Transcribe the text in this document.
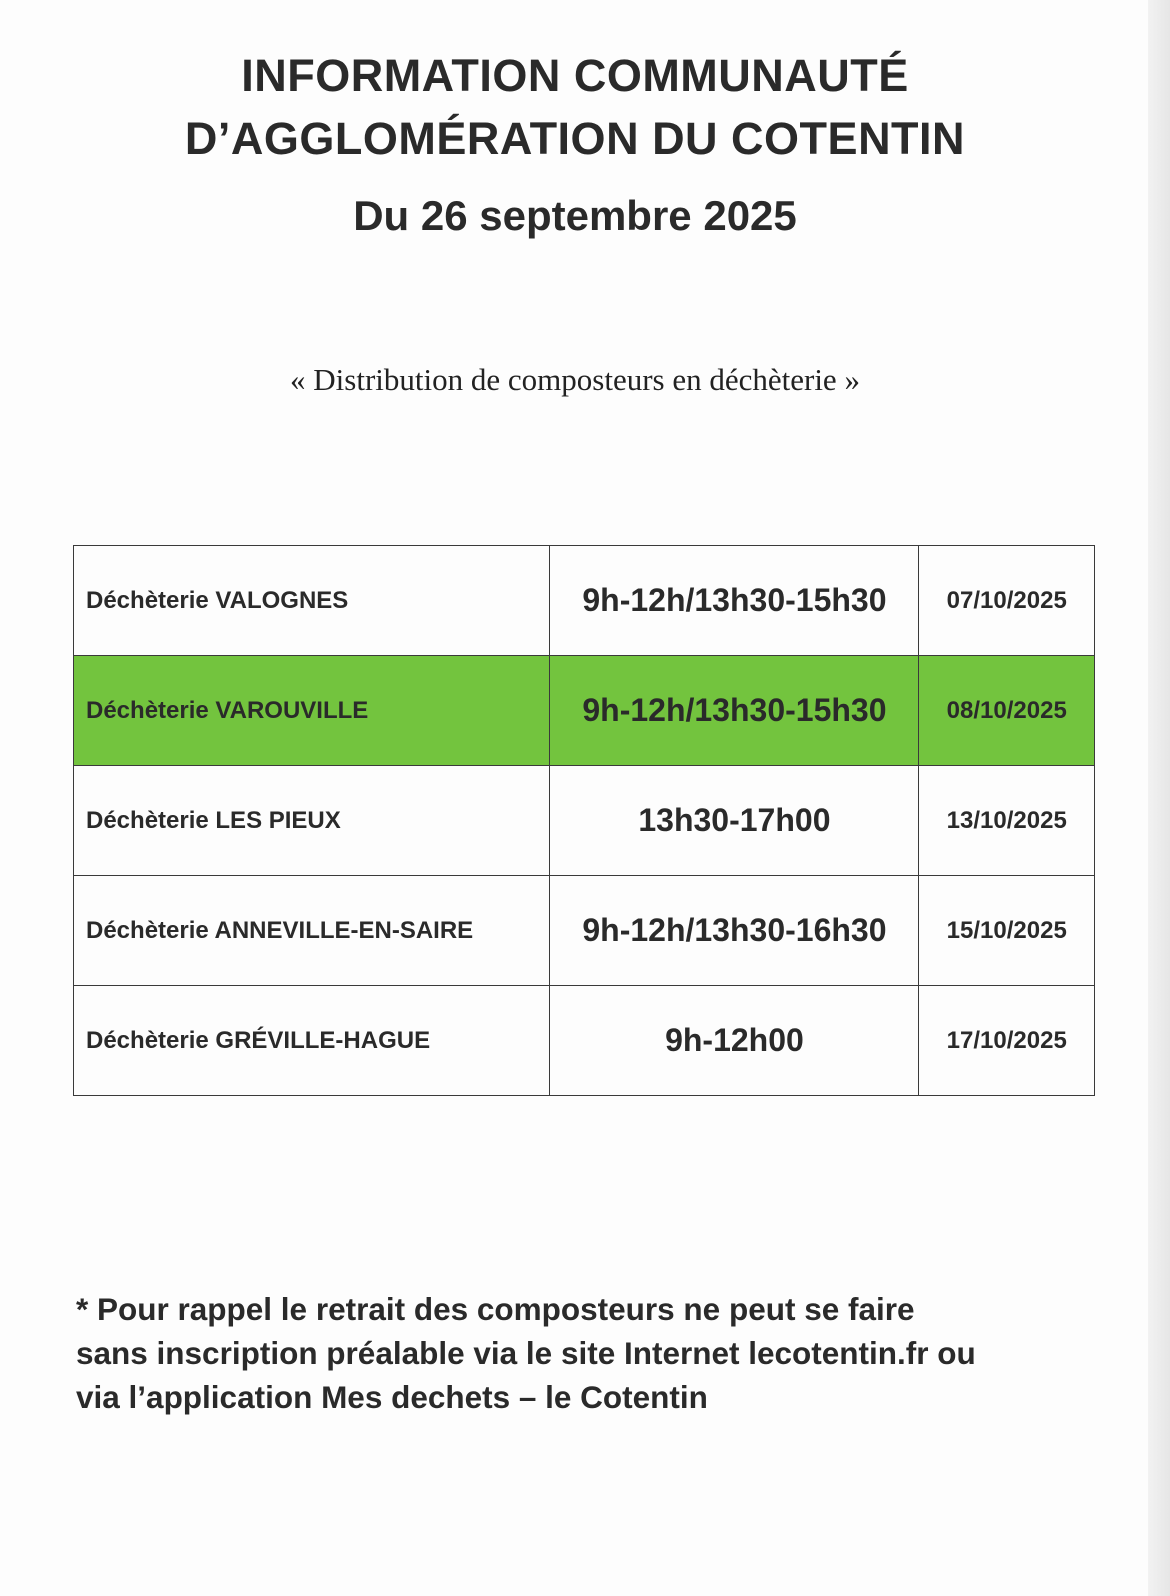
INFORMATION COMMUNAUTÉ
D’AGGLOMÉRATION DU COTENTIN
Du 26 septembre 2025

« Distribution de composteurs en déchèterie »

Déchèterie VALOGNES	9h-12h/13h30-15h30	07/10/2025
Déchèterie VAROUVILLE	9h-12h/13h30-15h30	08/10/2025
Déchèterie LES PIEUX	13h30-17h00	13/10/2025
Déchèterie ANNEVILLE-EN-SAIRE	9h-12h/13h30-16h30	15/10/2025
Déchèterie GRÉVILLE-HAGUE	9h-12h00	17/10/2025

* Pour rappel le retrait des composteurs ne peut se faire
sans inscription préalable via le site Internet lecotentin.fr ou
via l’application Mes dechets – le Cotentin
